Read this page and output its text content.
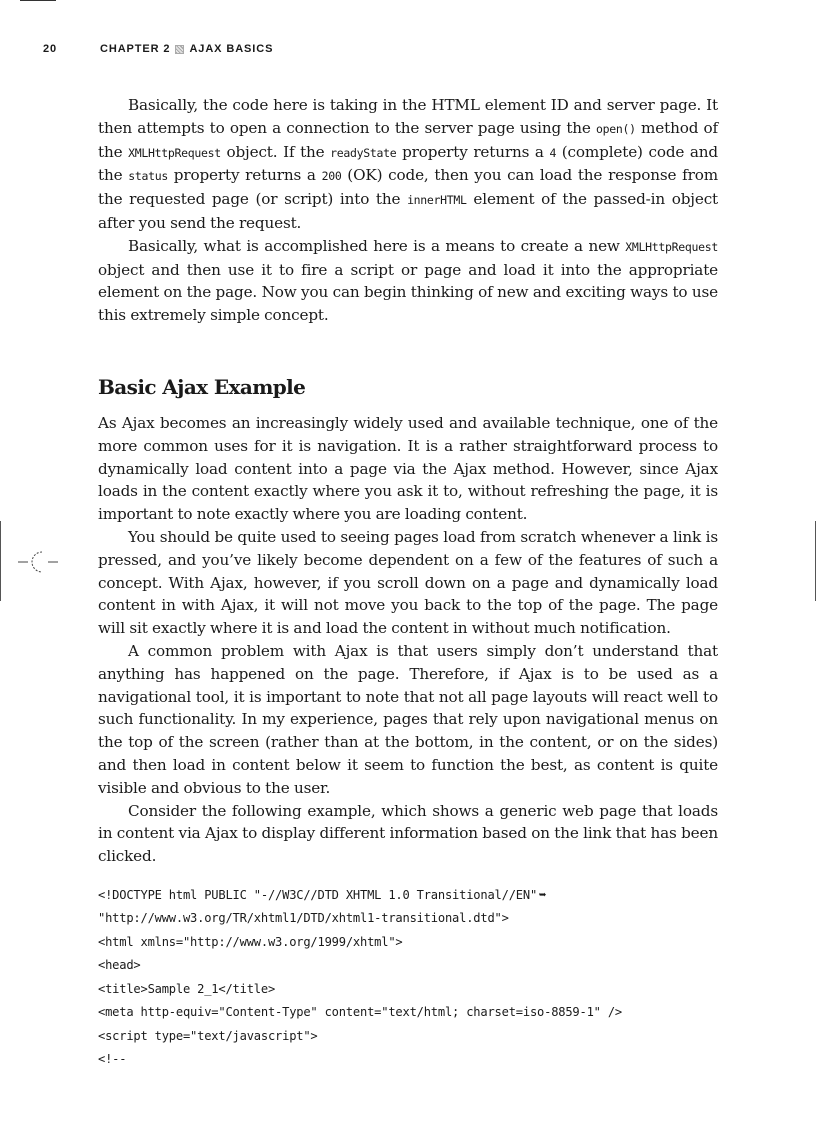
20	CHAPTER 2 AJAX BASICS

Basically, the code here is taking in the HTML element ID and server page. It then attempts to open a connection to the server page using the open() method of the XMLHttpRequest object. If the readyState property returns a 4 (complete) code and the status property returns a 200 (OK) code, then you can load the response from the requested page (or script) into the innerHTML element of the passed-in object after you send the request.

Basically, what is accomplished here is a means to create a new XMLHttpRequest object and then use it to fire a script or page and load it into the appropriate element on the page. Now you can begin thinking of new and exciting ways to use this extremely simple concept.

Basic Ajax Example

As Ajax becomes an increasingly widely used and available technique, one of the more common uses for it is navigation. It is a rather straightforward process to dynamically load content into a page via the Ajax method. However, since Ajax loads in the content exactly where you ask it to, without refreshing the page, it is important to note exactly where you are loading content.

You should be quite used to seeing pages load from scratch whenever a link is pressed, and you’ve likely become dependent on a few of the features of such a concept. With Ajax, however, if you scroll down on a page and dynamically load content in with Ajax, it will not move you back to the top of the page. The page will sit exactly where it is and load the content in without much notification.

A common problem with Ajax is that users simply don’t understand that anything has happened on the page. Therefore, if Ajax is to be used as a navigational tool, it is important to note that not all page layouts will react well to such functionality. In my experience, pages that rely upon navigational menus on the top of the screen (rather than at the bottom, in the content, or on the sides) and then load in content below it seem to function the best, as content is quite visible and obvious to the user.

Consider the following example, which shows a generic web page that loads in content via Ajax to display different information based on the link that has been clicked.

<!DOCTYPE html PUBLIC "-//W3C//DTD XHTML 1.0 Transitional//EN" ➥
"http://www.w3.org/TR/xhtml1/DTD/xhtml1-transitional.dtd">
<html xmlns="http://www.w3.org/1999/xhtml">
<head>
<title>Sample 2_1</title>
<meta http-equiv="Content-Type" content="text/html; charset=iso-8859-1" />
<script type="text/javascript">
<!--
